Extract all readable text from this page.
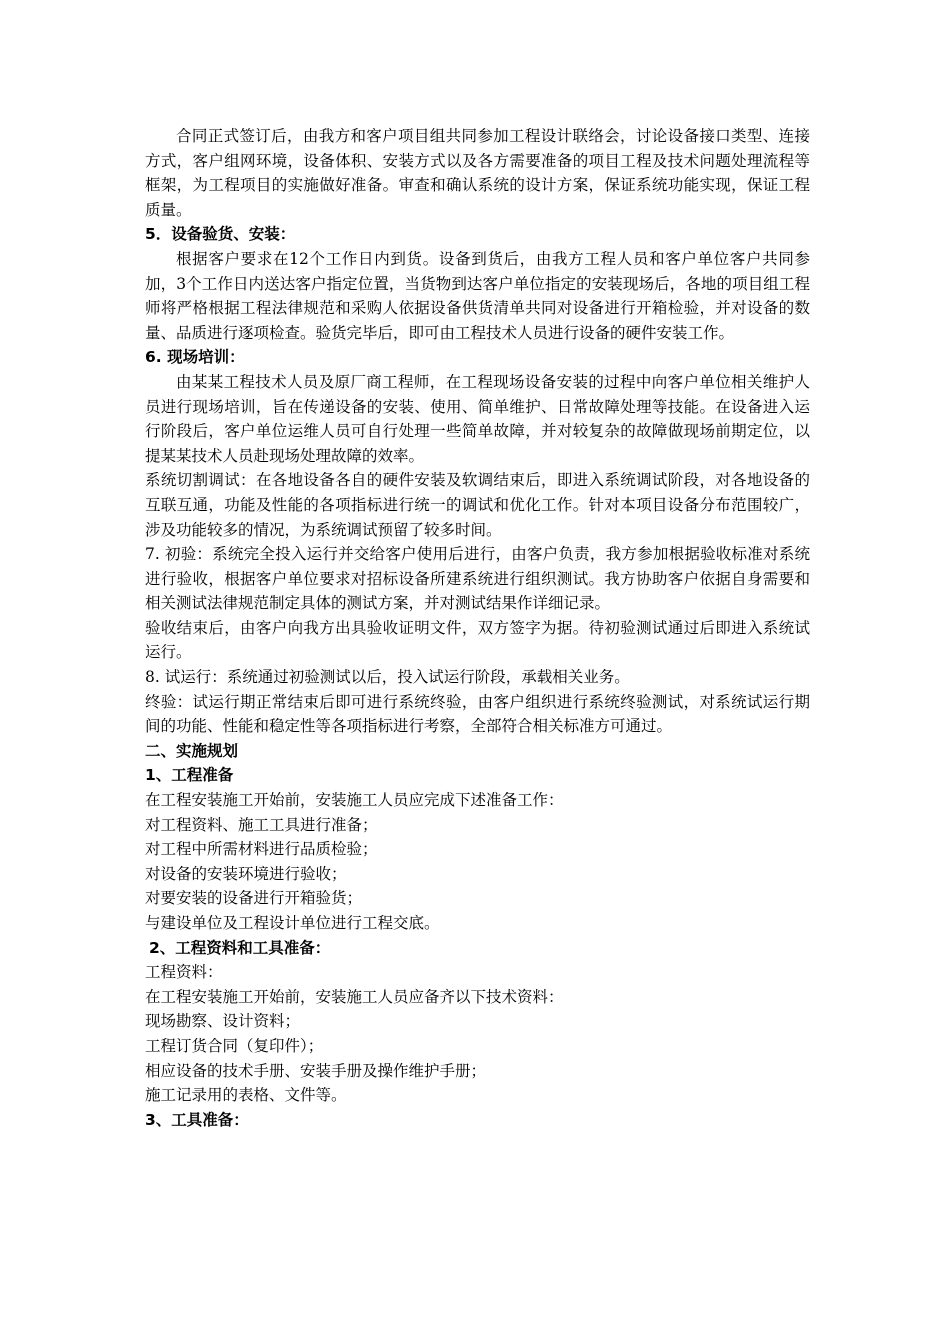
合同正式签订后，由我方和客户项目组共同参加工程设计联络会，讨论设备接口类型、连接方式，客户组网环境，设备体积、安装方式以及各方需要准备的项目工程及技术问题处理流程等框架，为工程项目的实施做好准备。审查和确认系统的设计方案，保证系统功能实现，保证工程质量。

5．设备验货、安装：

根据客户要求在12个工作日内到货。设备到货后，由我方工程人员和客户单位客户共同参加，3个工作日内送达客户指定位置，当货物到达客户单位指定的安装现场后，各地的项目组工程师将严格根据工程法律规范和采购人依据设备供货清单共同对设备进行开箱检验，并对设备的数量、品质进行逐项检查。验货完毕后，即可由工程技术人员进行设备的硬件安装工作。

6. 现场培训：

由某某工程技术人员及原厂商工程师，在工程现场设备安装的过程中向客户单位相关维护人员进行现场培训，旨在传递设备的安装、使用、简单维护、日常故障处理等技能。在设备进入运行阶段后，客户单位运维人员可自行处理一些简单故障，并对较复杂的故障做现场前期定位，以提某某技术人员赴现场处理故障的效率。

系统切割调试：在各地设备各自的硬件安装及软调结束后，即进入系统调试阶段，对各地设备的互联互通，功能及性能的各项指标进行统一的调试和优化工作。针对本项目设备分布范围较广，涉及功能较多的情况，为系统调试预留了较多时间。

7. 初验：系统完全投入运行并交给客户使用后进行，由客户负责，我方参加根据验收标准对系统进行验收，根据客户单位要求对招标设备所建系统进行组织测试。我方协助客户依据自身需要和相关测试法律规范制定具体的测试方案，并对测试结果作详细记录。

验收结束后，由客户向我方出具验收证明文件，双方签字为据。待初验测试通过后即进入系统试运行。

8. 试运行：系统通过初验测试以后，投入试运行阶段，承载相关业务。

终验：试运行期正常结束后即可进行系统终验，由客户组织进行系统终验测试，对系统试运行期间的功能、性能和稳定性等各项指标进行考察，全部符合相关标准方可通过。

二、实施规划

1、工程准备

在工程安装施工开始前，安装施工人员应完成下述准备工作：

对工程资料、施工工具进行准备；

对工程中所需材料进行品质检验；

对设备的安装环境进行验收；

对要安装的设备进行开箱验货；

与建设单位及工程设计单位进行工程交底。

2、工程资料和工具准备：

工程资料：

在工程安装施工开始前，安装施工人员应备齐以下技术资料：

现场勘察、设计资料；

工程订货合同（复印件）；

相应设备的技术手册、安装手册及操作维护手册；

施工记录用的表格、文件等。

3、工具准备：
